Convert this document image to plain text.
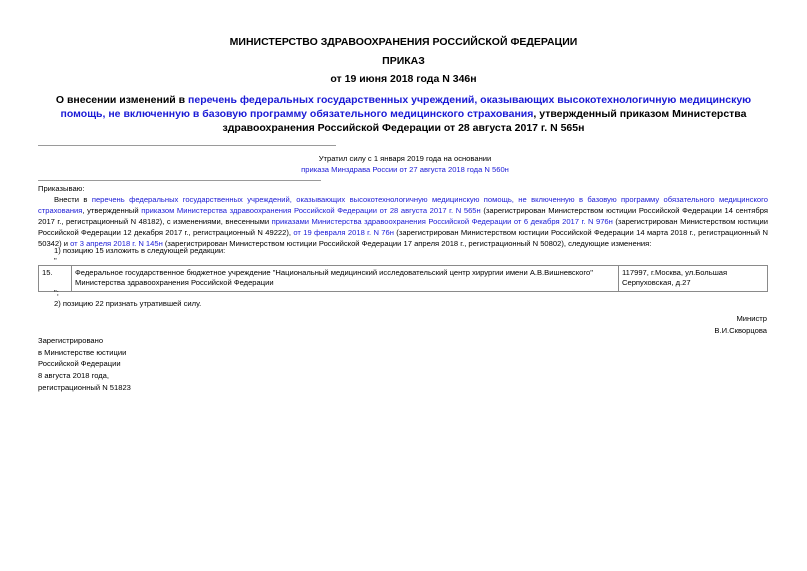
МИНИСТЕРСТВО ЗДРАВООХРАНЕНИЯ РОССИЙСКОЙ ФЕДЕРАЦИИ
ПРИКАЗ
от 19 июня 2018 года N 346н
О внесении изменений в перечень федеральных государственных учреждений, оказывающих высокотехнологичную медицинскую помощь, не включенную в базовую программу обязательного медицинского страхования, утвержденный приказом Министерства здравоохранения Российской Федерации от 28 августа 2017 г. N 565н
Утратил силу с 1 января 2019 года на основании
приказа Минздрава России от 27 августа 2018 года N 560н
Приказываю:
Внести в перечень федеральных государственных учреждений, оказывающих высокотехнологичную медицинскую помощь, не включенную в базовую программу обязательного медицинского страхования, утвержденный приказом Министерства здравоохранения Российской Федерации от 28 августа 2017 г. N 565н (зарегистрирован Министерством юстиции Российской Федерации 14 сентября 2017 г., регистрационный N 48182), с изменениями, внесенными приказами Министерства здравоохранения Российской Федерации от 6 декабря 2017 г. N 976н (зарегистрирован Министерством юстиции Российской Федерации 12 декабря 2017 г., регистрационный N 49222), от 19 февраля 2018 г. N 76н (зарегистрирован Министерством юстиции Российской Федерации 14 марта 2018 г., регистрационный N 50342) и от 3 апреля 2018 г. N 145н (зарегистрирован Министерством юстиции Российской Федерации 17 апреля 2018 г., регистрационный N 50802), следующие изменения:
1) позицию 15 изложить в следующей редакции:
"
15.	Федеральное государственное бюджетное учреждение "Национальный медицинский исследовательский центр хирургии имени А.В.Вишневского" Министерства здравоохранения Российской Федерации	117997, г.Москва, ул.Большая Серпуховская, д.27
";
2) позицию 22 признать утратившей силу.
Министр
В.И.Скворцова
Зарегистрировано
в Министерстве юстиции
Российской Федерации
8 августа 2018 года,
регистрационный N 51823
